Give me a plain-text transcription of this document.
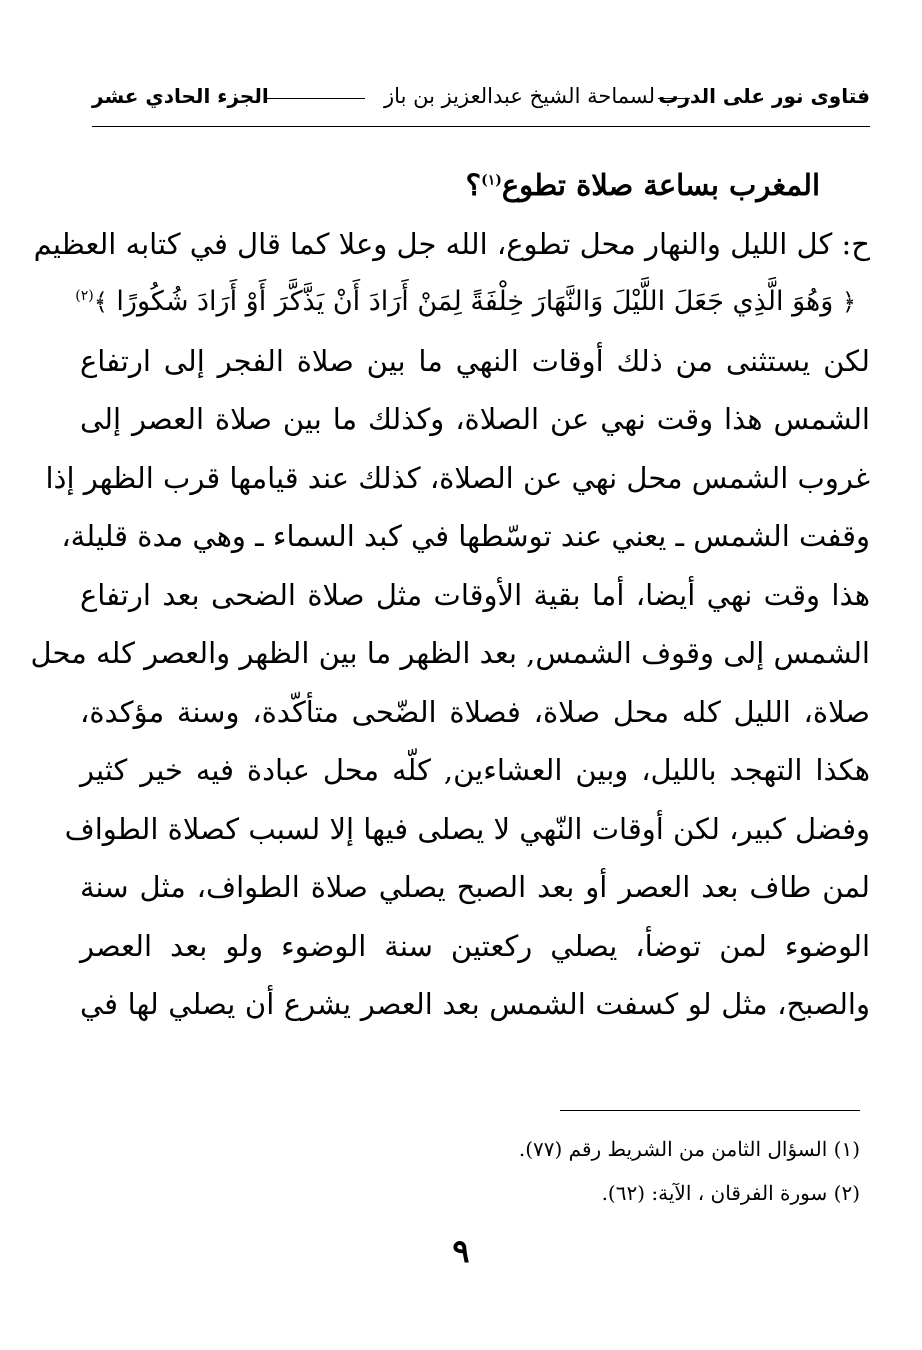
فتاوى نور على الدرب
لسماحة الشيخ عبدالعزيز بن باز
الجزء الحادي عشر
المغرب بساعة صلاة تطوع$^{(١)}$؟
ح: كل الليل والنهار محل تطوع، الله جل وعلا كما قال في كتابه العظيم
﴿ وَهُوَ الَّذِي جَعَلَ اللَّيْلَ وَالنَّهَارَ خِلْفَةً لِمَنْ أَرَادَ أَنْ يَذَّكَّرَ أَوْ أَرَادَ شُكُورًا ﴾$^{(٢)}$
لكن يستثنى من ذلك أوقات النهي ما بين صلاة الفجر إلى ارتفاع
الشمس هذا وقت نهي عن الصلاة، وكذلك ما بين صلاة العصر إلى
غروب الشمس محل نهي عن الصلاة، كذلك عند قيامها قرب الظهر إذا
وقفت الشمس ـ يعني عند توسّطها في كبد السماء ـ وهي مدة قليلة،
هذا وقت نهي أيضا، أما بقية الأوقات مثل صلاة الضحى بعد ارتفاع
الشمس إلى وقوف الشمس, بعد الظهر ما بين الظهر والعصر كله محل
صلاة، الليل كله محل صلاة، فصلاة الضّحى متأكّدة، وسنة مؤكدة،
هكذا التهجد بالليل، وبين العشاءين, كلّه محل عبادة فيه خير كثير
وفضل كبير، لكن أوقات النّهي لا يصلى فيها إلا لسبب كصلاة الطواف
لمن طاف بعد العصر أو بعد الصبح يصلي صلاة الطواف، مثل سنة
الوضوء لمن توضأ، يصلي ركعتين سنة الوضوء ولو بعد العصر
والصبح، مثل لو كسفت الشمس بعد العصر يشرع أن يصلي لها في
(١) السؤال الثامن من الشريط رقم (٧٧).
(٢) سورة الفرقان ، الآية: (٦٢).
٩
